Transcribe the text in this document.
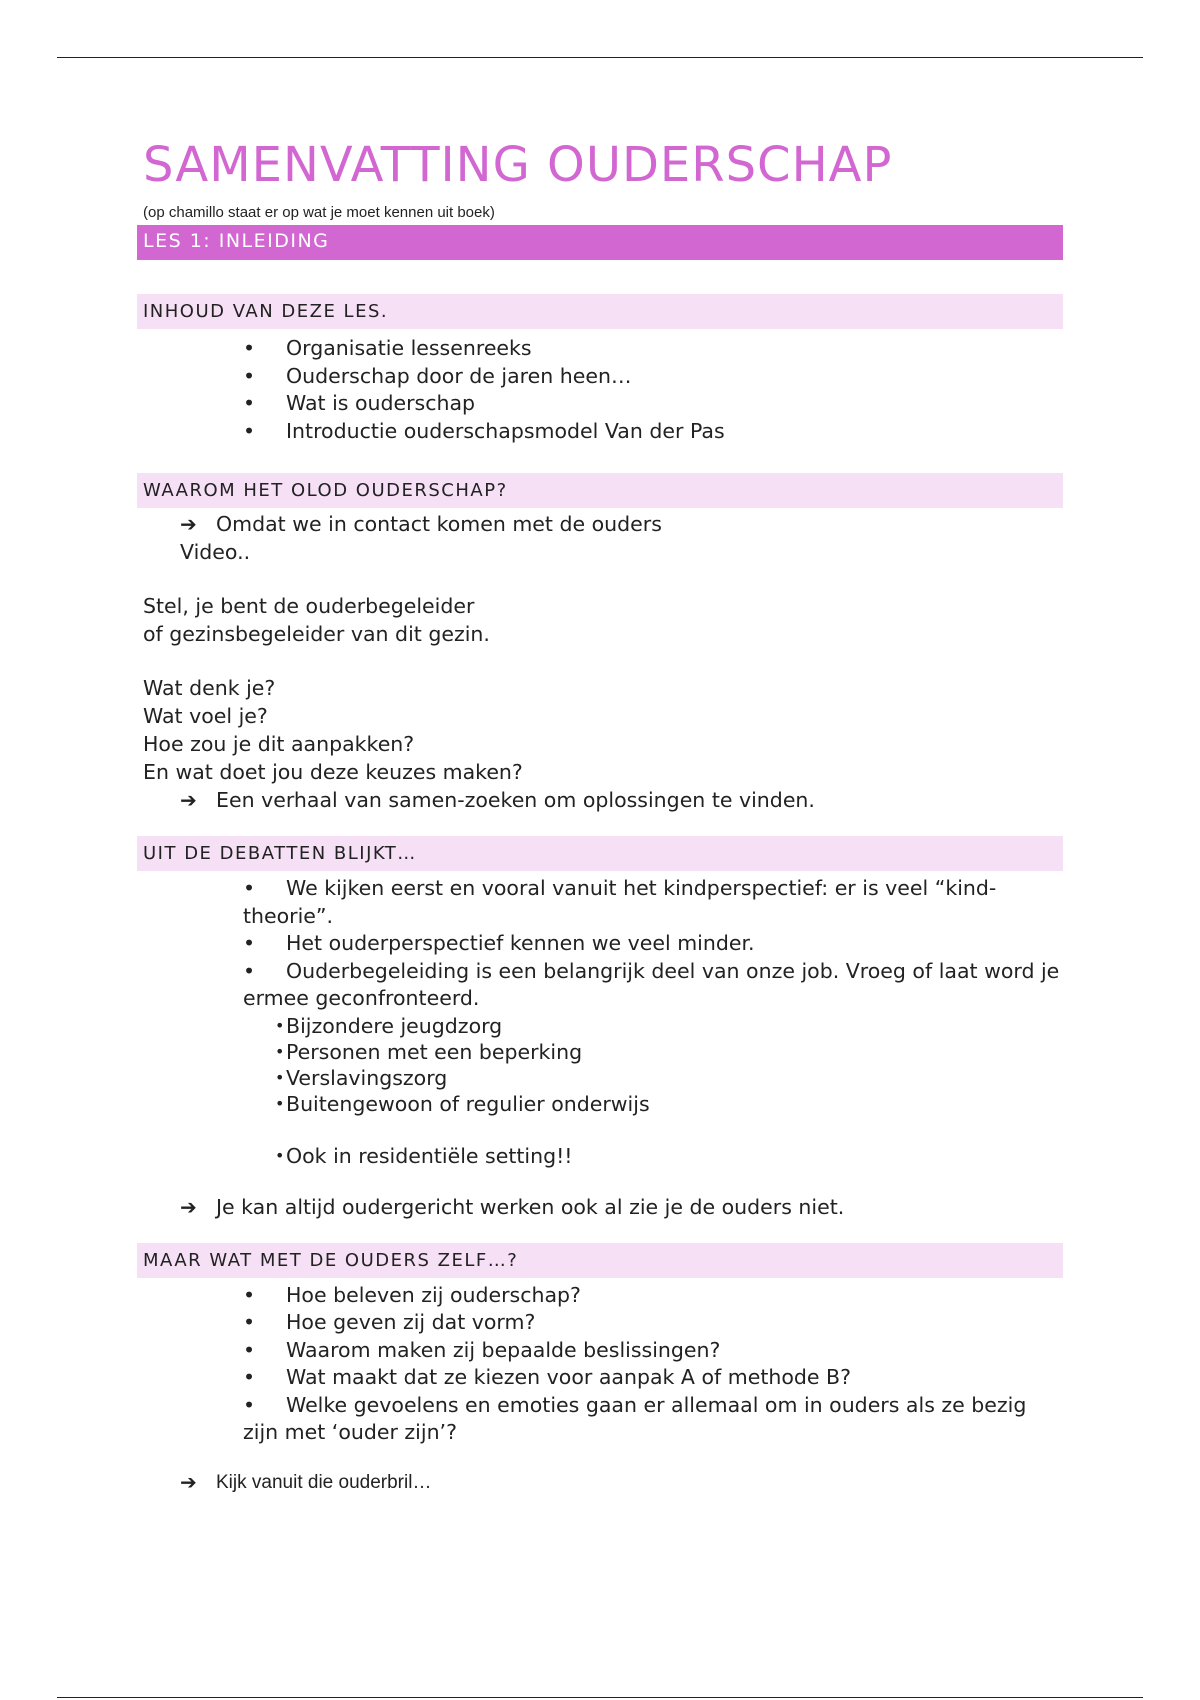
SAMENVATTING OUDERSCHAP
(op chamillo staat er op wat je moet kennen uit boek)
LES 1: INLEIDING
INHOUD VAN DEZE LES.
• Organisatie lessenreeks
• Ouderschap door de jaren heen…
• Wat is ouderschap
• Introductie ouderschapsmodel Van der Pas
WAAROM HET OLOD OUDERSCHAP?
➔ Omdat we in contact komen met de ouders
Video..
Stel, je bent de ouderbegeleider
of gezinsbegeleider van dit gezin.
Wat denk je?
Wat voel je?
Hoe zou je dit aanpakken?
En wat doet jou deze keuzes maken?
➔ Een verhaal van samen-zoeken om oplossingen te vinden.
UIT DE DEBATTEN BLIJKT…
• We kijken eerst en vooral vanuit het kindperspectief: er is veel “kind-theorie”.
• Het ouderperspectief kennen we veel minder.
• Ouderbegeleiding is een belangrijk deel van onze job. Vroeg of laat word je ermee geconfronteerd.
• Bijzondere jeugdzorg
• Personen met een beperking
• Verslavingszorg
• Buitengewoon of regulier onderwijs
• Ook in residentiële setting!!
➔ Je kan altijd oudergericht werken ook al zie je de ouders niet.
MAAR WAT MET DE OUDERS ZELF…?
• Hoe beleven zij ouderschap?
• Hoe geven zij dat vorm?
• Waarom maken zij bepaalde beslissingen?
• Wat maakt dat ze kiezen voor aanpak A of methode B?
• Welke gevoelens en emoties gaan er allemaal om in ouders als ze bezig zijn met ‘ouder zijn’?
➔	Kijk vanuit die ouderbril…
